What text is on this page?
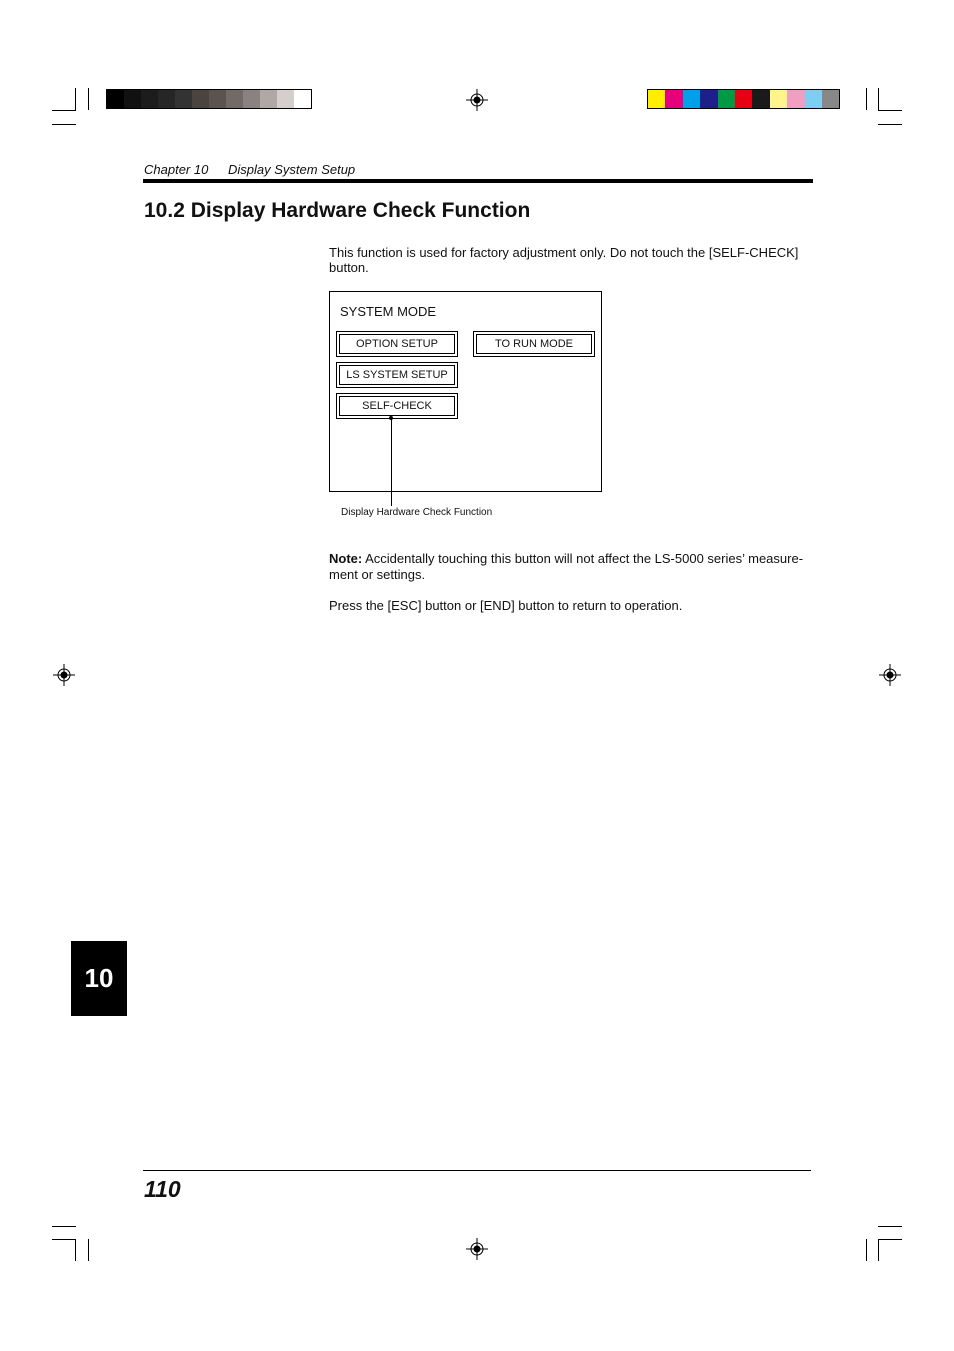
Chapter 10 Display System Setup
10.2 Display Hardware Check Function

This function is used for factory adjustment only. Do not touch the [SELF-CHECK] button.

SYSTEM MODE
OPTION SETUP	TO RUN MODE
LS SYSTEM SETUP
SELF-CHECK
Display Hardware Check Function

Note: Accidentally touching this button will not affect the LS-5000 series’ measure-ment or settings.

Press the [ESC] button or [END] button to return to operation.

10
110
